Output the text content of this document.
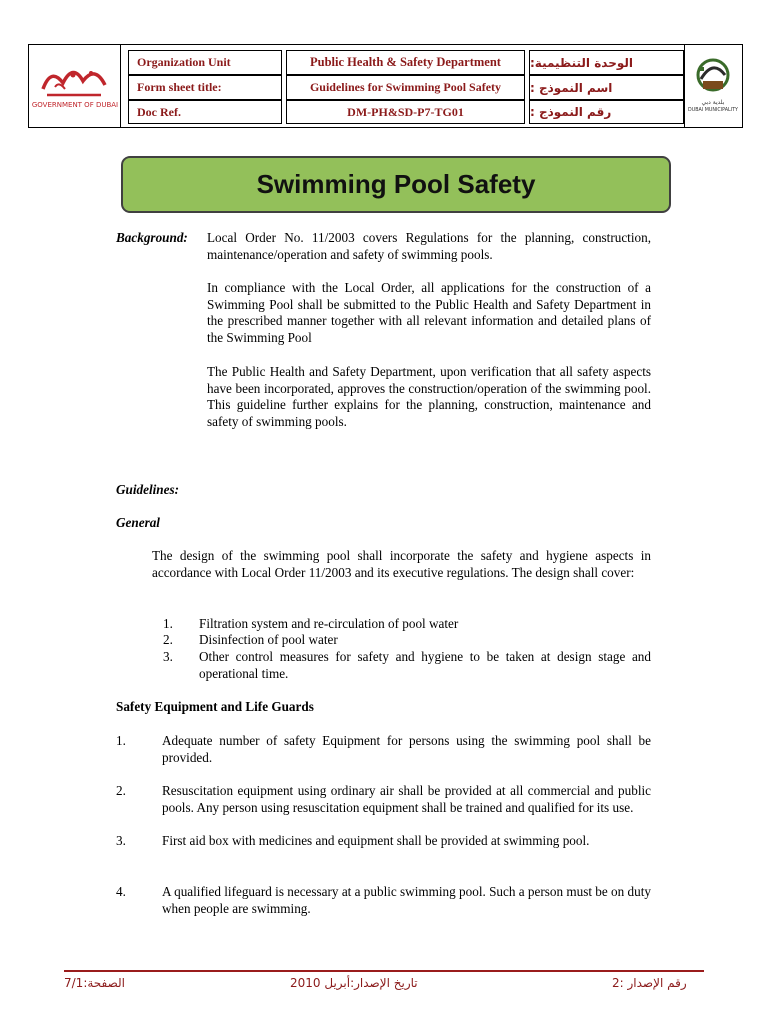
GOVERNMENT OF DUBAI
Organization Unit	Public Health & Safety Department	الوحدة التنظيمية:
Form sheet title:	Guidelines for Swimming Pool Safety	اسم النموذج :
Doc Ref.	DM-PH&SD-P7-TG01	رقم النموذج :
بلدية دبي
DUBAI MUNICIPALITY
Swimming Pool Safety
Background: Local Order No. 11/2003 covers Regulations for the planning, construction, maintenance/operation and safety of swimming pools.
In compliance with the Local Order, all applications for the construction of a Swimming Pool shall be submitted to the Public Health and Safety Department in the prescribed manner together with all relevant information and detailed plans of the Swimming Pool
The Public Health and Safety Department, upon verification that all safety aspects have been incorporated, approves the construction/operation of the swimming pool. This guideline further explains for the planning, construction, maintenance and safety of swimming pools.
Guidelines:
General
The design of the swimming pool shall incorporate the safety and hygiene aspects in accordance with Local Order 11/2003 and its executive regulations. The design shall cover:
1. Filtration system and re-circulation of pool water
2. Disinfection of pool water
3. Other control measures for safety and hygiene to be taken at design stage and operational time.
Safety Equipment and Life Guards
1.	Adequate number of safety Equipment for persons using the swimming pool shall be provided.
2.	Resuscitation equipment using ordinary air shall be provided at all commercial and public pools. Any person using resuscitation equipment shall be trained and qualified for its use.
3.	First aid box with medicines and equipment shall be provided at swimming pool.
4.	A qualified lifeguard is necessary at a public swimming pool. Such a person must be on duty when people are swimming.
الصفحة:7/1	تاريخ الإصدار:أبريل 2010	رقم الإصدار :2
